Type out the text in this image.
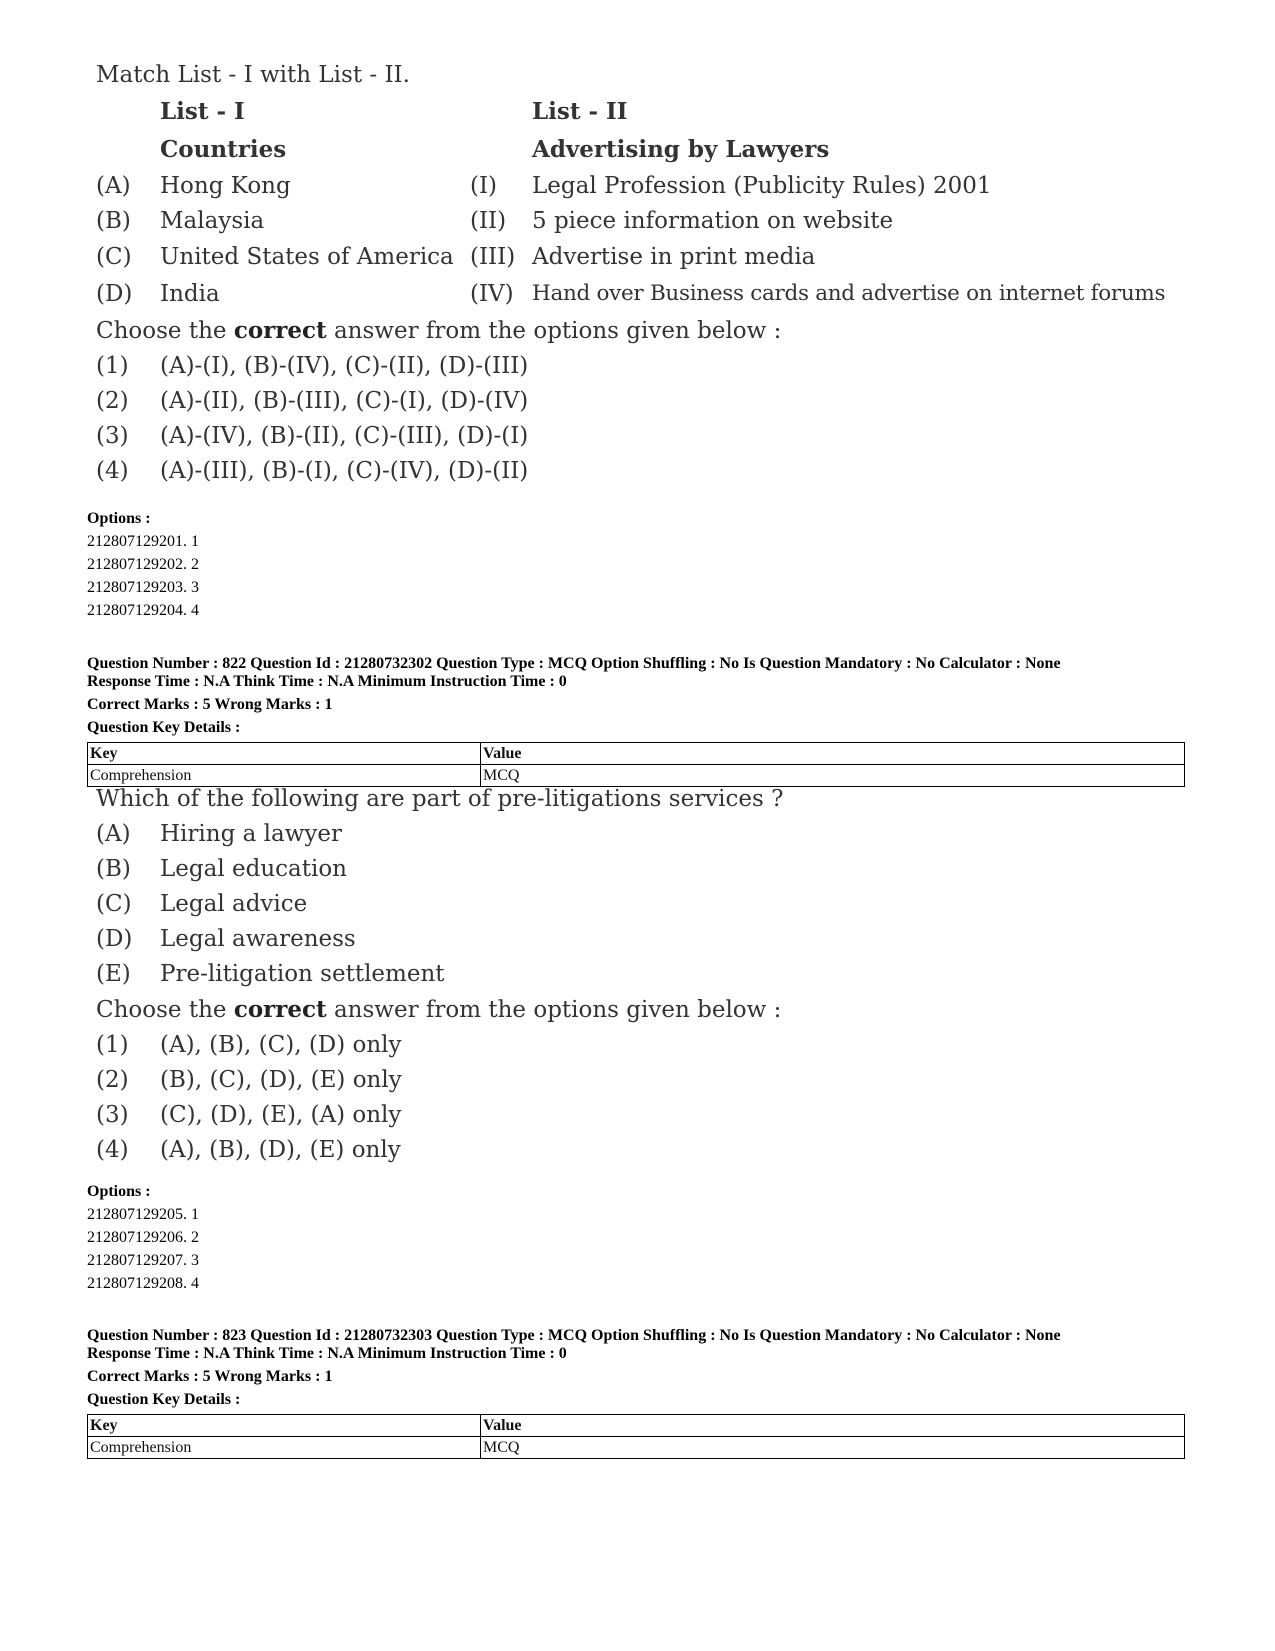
Match List - I with List - II.
List - I	List - II
Countries	Advertising by Lawyers
(A) Hong Kong	(I) Legal Profession (Publicity Rules) 2001
(B) Malaysia	(II) 5 piece information on website
(C) United States of America (III) Advertise in print media
(D) India	(IV) Hand over Business cards and advertise on internet forums
Choose the correct answer from the options given below :
(1) (A)-(I), (B)-(IV), (C)-(II), (D)-(III)
(2) (A)-(II), (B)-(III), (C)-(I), (D)-(IV)
(3) (A)-(IV), (B)-(II), (C)-(III), (D)-(I)
(4) (A)-(III), (B)-(I), (C)-(IV), (D)-(II)
Options :
212807129201. 1
212807129202. 2
212807129203. 3
212807129204. 4
Question Number : 822 Question Id : 21280732302 Question Type : MCQ Option Shuffling : No Is Question Mandatory : No Calculator : None
Response Time : N.A Think Time : N.A Minimum Instruction Time : 0
Correct Marks : 5 Wrong Marks : 1
Question Key Details :
Key	Value
Comprehension	MCQ
Which of the following are part of pre-litigations services ?
(A) Hiring a lawyer
(B) Legal education
(C) Legal advice
(D) Legal awareness
(E) Pre-litigation settlement
Choose the correct answer from the options given below :
(1) (A), (B), (C), (D) only
(2) (B), (C), (D), (E) only
(3) (C), (D), (E), (A) only
(4) (A), (B), (D), (E) only
Options :
212807129205. 1
212807129206. 2
212807129207. 3
212807129208. 4
Question Number : 823 Question Id : 21280732303 Question Type : MCQ Option Shuffling : No Is Question Mandatory : No Calculator : None
Response Time : N.A Think Time : N.A Minimum Instruction Time : 0
Correct Marks : 5 Wrong Marks : 1
Question Key Details :
Key	Value
Comprehension	MCQ
